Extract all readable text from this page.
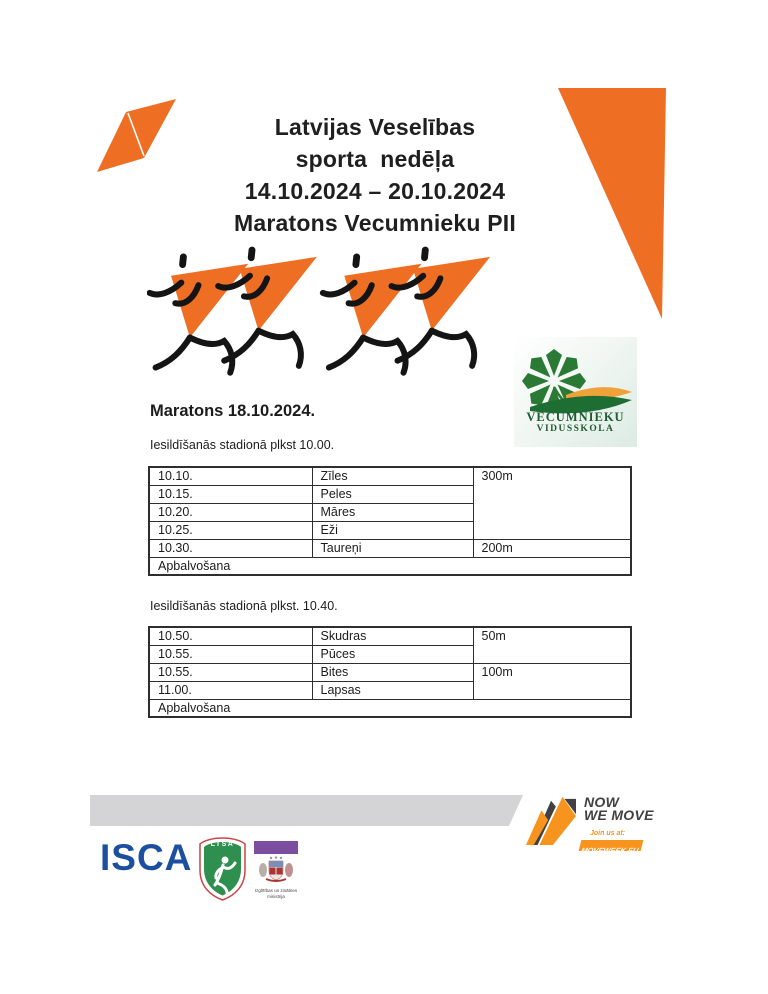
Latvijas Veselības
sporta  nedēļa
14.10.2024 – 20.10.2024
Maratons Vecumnieku PII
VECUMNIEKU
VIDUSSKOLA
Maratons 18.10.2024.
Iesildīšanās stadionā plkst 10.00.
10.10.	Zīles	300m
10.15.	Peles	
10.20.	Māres	
10.25.	Eži	
10.30.	Taureņi	200m
Apbalvošana		
Iesildīšanās stadionā plkst. 10.40.
10.50.	Skudras	50m
10.55.	Pūces	
10.55.	Bites	100m
11.00.	Lapsas	
Apbalvošana		
NOW
WE MOVE
Join us at:
MOVEWEEK.EU
ISCA	LTSA
Izglītības un zinātnes
ministrija
